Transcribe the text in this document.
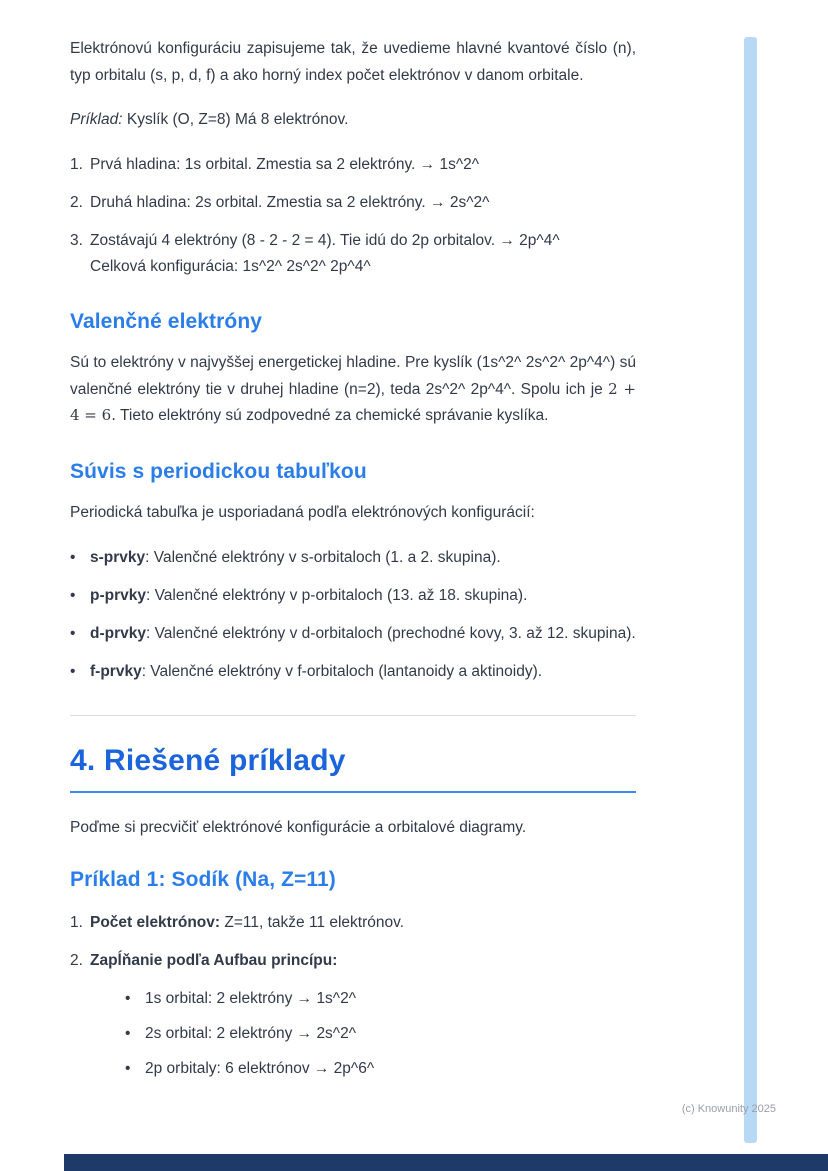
Elektrónovú konfiguráciu zapisujeme tak, že uvedieme hlavné kvantové číslo (n), typ orbitalu (s, p, d, f) a ako horný index počet elektrónov v danom orbitale.

Príklad: Kyslík (O, Z=8) Má 8 elektrónov.

1. Prvá hladina: 1s orbital. Zmestia sa 2 elektróny. → 1s^2^
2. Druhá hladina: 2s orbital. Zmestia sa 2 elektróny. → 2s^2^
3. Zostávajú 4 elektróny (8 - 2 - 2 = 4). Tie idú do 2p orbitalov. → 2p^4^
Celková konfigurácia: 1s^2^ 2s^2^ 2p^4^
Valenčné elektróny

Sú to elektróny v najvyššej energetickej hladine. Pre kyslík (1s^2^ 2s^2^ 2p^4^) sú valenčné elektróny tie v druhej hladine (n=2), teda 2s^2^ 2p^4^. Spolu ich je 2 + 4 = 6. Tieto elektróny sú zodpovedné za chemické správanie kyslíka.

Súvis s periodickou tabuľkou

Periodická tabuľka je usporiadaná podľa elektrónových konfigurácií:

• s-prvky: Valenčné elektróny v s-orbitaloch (1. a 2. skupina).
• p-prvky: Valenčné elektróny v p-orbitaloch (13. až 18. skupina).
• d-prvky: Valenčné elektróny v d-orbitaloch (prechodné kovy, 3. až 12. skupina).
• f-prvky: Valenčné elektróny v f-orbitaloch (lantanoidy a aktinoidy).
4. Riešené príklady

Poďme si precvičiť elektrónové konfigurácie a orbitalové diagramy.

Príklad 1: Sodík (Na, Z=11)
1. Počet elektrónov: Z=11, takže 11 elektrónov.
2. Zapĺňanie podľa Aufbau princípu:
• 1s orbital: 2 elektróny → 1s^2^
• 2s orbital: 2 elektróny → 2s^2^
• 2p orbitaly: 6 elektrónov → 2p^6^
(c) Knowunity 2025
